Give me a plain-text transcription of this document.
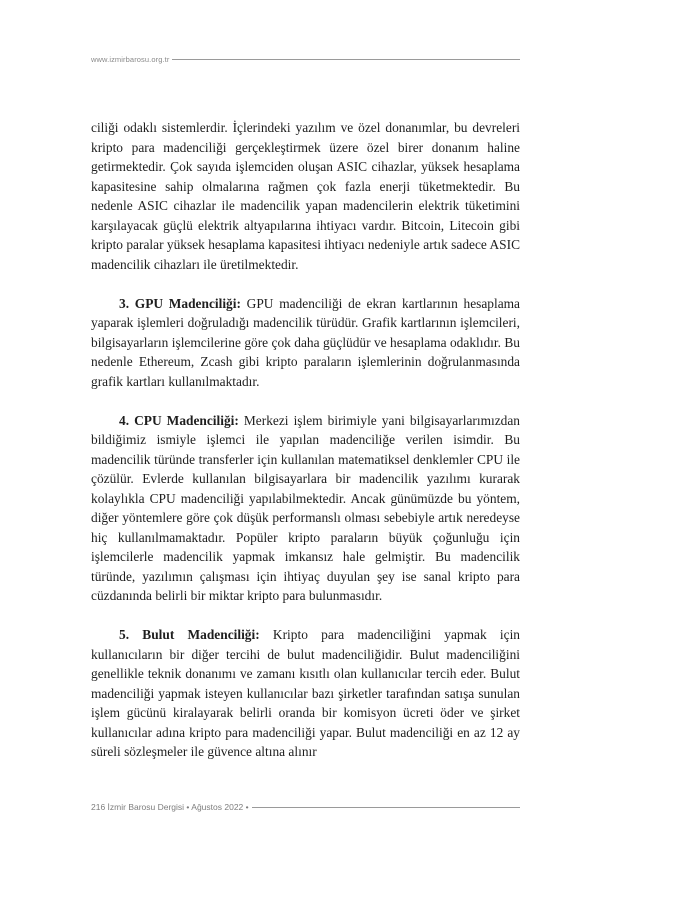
www.izmirbarosu.org.tr

ciliği odaklı sistemlerdir. İçlerindeki yazılım ve özel donanımlar, bu devreleri kripto para madenciliği gerçekleştirmek üzere özel birer donanım haline getirmektedir. Çok sayıda işlemciden oluşan ASIC cihazlar, yüksek hesaplama kapasitesine sahip olmalarına rağmen çok fazla enerji tüketmektedir. Bu nedenle ASIC cihazlar ile madencilik yapan madencilerin elektrik tüketimini karşılayacak güçlü elektrik altyapılarına ihtiyacı vardır. Bitcoin, Litecoin gibi kripto paralar yüksek hesaplama kapasitesi ihtiyacı nedeniyle artık sadece ASIC madencilik cihazları ile üretilmektedir.

3. GPU Madenciliği: GPU madenciliği de ekran kartlarının hesaplama yaparak işlemleri doğruladığı madencilik türüdür. Grafik kartlarının işlemcileri, bilgisayarların işlemcilerine göre çok daha güçlüdür ve hesaplama odaklıdır. Bu nedenle Ethereum, Zcash gibi kripto paraların işlemlerinin doğrulanmasında grafik kartları kullanılmaktadır.

4. CPU Madenciliği: Merkezi işlem birimiyle yani bilgisayarlarımızdan bildiğimiz ismiyle işlemci ile yapılan madenciliğe verilen isimdir. Bu madencilik türünde transferler için kullanılan matematiksel denklemler CPU ile çözülür. Evlerde kullanılan bilgisayarlara bir madencilik yazılımı kurarak kolaylıkla CPU madenciliği yapılabilmektedir. Ancak günümüzde bu yöntem, diğer yöntemlere göre çok düşük performanslı olması sebebiyle artık neredeyse hiç kullanılmamaktadır. Popüler kripto paraların büyük çoğunluğu için işlemcilerle madencilik yapmak imkansız hale gelmiştir. Bu madencilik türünde, yazılımın çalışması için ihtiyaç duyulan şey ise sanal kripto para cüzdanında belirli bir miktar kripto para bulunmasıdır.

5. Bulut Madenciliği: Kripto para madenciliğini yapmak için kullanıcıların bir diğer tercihi de bulut madenciliğidir. Bulut madenciliğini genellikle teknik donanımı ve zamanı kısıtlı olan kullanıcılar tercih eder. Bulut madenciliği yapmak isteyen kullanıcılar bazı şirketler tarafından satışa sunulan işlem gücünü kiralayarak belirli oranda bir komisyon ücreti öder ve şirket kullanıcılar adına kripto para madenciliği yapar. Bulut madenciliği en az 12 ay süreli sözleşmeler ile güvence altına alınır

216 İzmir Barosu Dergisi • Ağustos 2022 •
